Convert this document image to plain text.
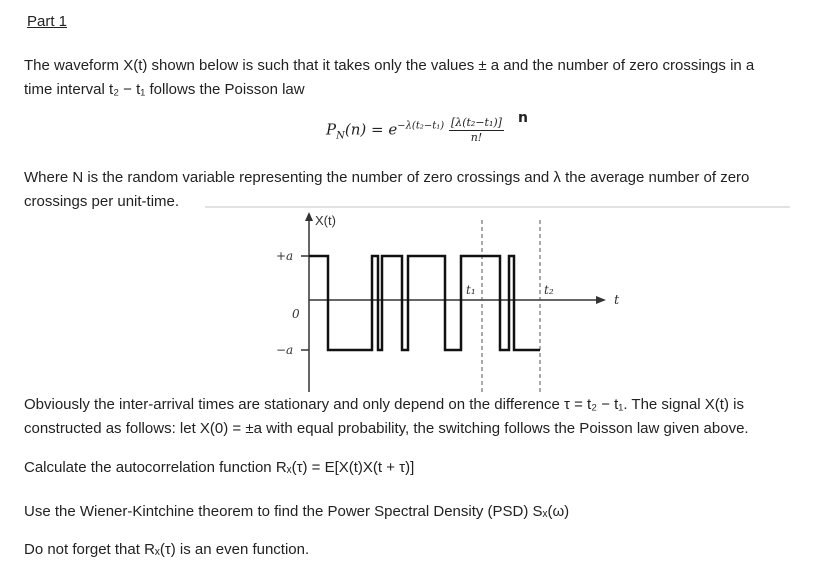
Part 1
The waveform X(t) shown below is such that it takes only the values ± a and the number of zero crossings in a
time interval t₂ − t₁ follows the Poisson law
$P_N(n) = e^{-\lambda(t_2-t_1)} \frac{\text{[λ(t₂−t₁)]}}{n!}$ n
Where N is the random variable representing the number of zero crossings and λ the average number of zero
crossings per unit-time.
X(t)
+a
−a
0
t₁	t₂
t
Obviously the inter-arrival times are stationary and only depend on the difference τ = t₂ − t₁. The signal X(t) is
constructed as follows: let X(0) = ±a with equal probability, the switching follows the Poisson law given above.
Calculate the autocorrelation function Rₓ(τ) = E[X(t)X(t + τ)]
Use the Wiener-Kintchine theorem to find the Power Spectral Density (PSD) Sₓ(ω)
Do not forget that Rₓ(τ) is an even function.
